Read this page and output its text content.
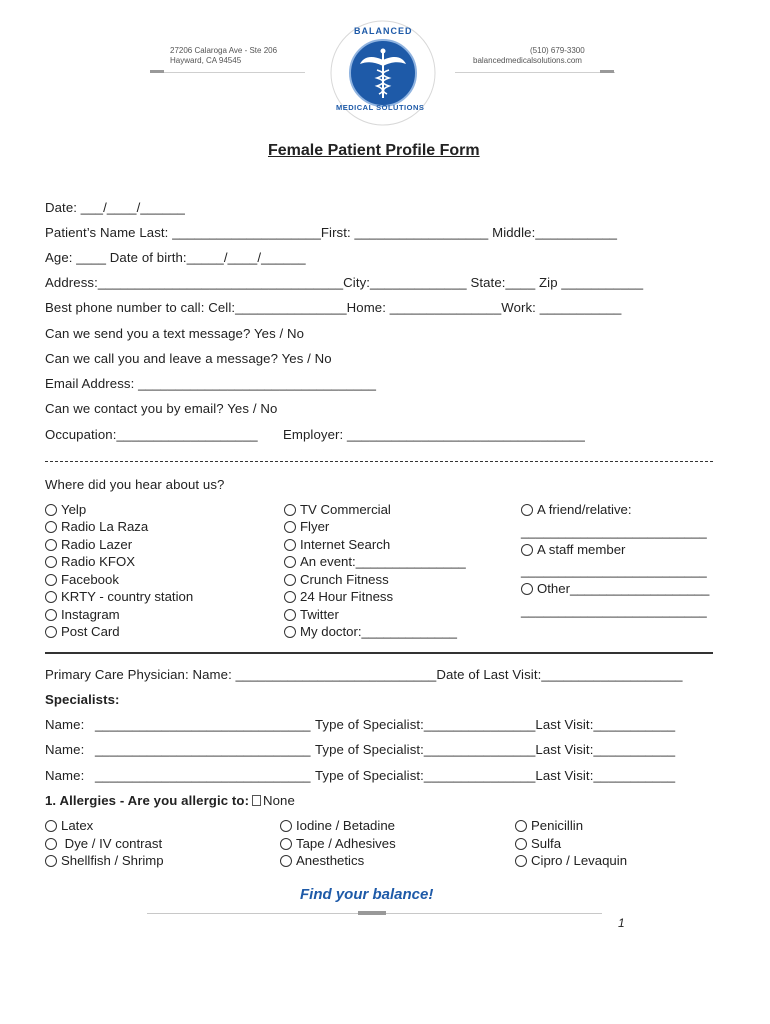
27206 Calaroga Ave - Ste 206
Hayward, CA 94545
(510) 679-3300
balancedmedicalsolutions.com
BALANCED
MEDICAL SOLUTIONS
Female Patient Profile Form
Date: ___/____/______
Patient’s Name Last: ____________________First: __________________ Middle:___________
Age: ____ Date of birth:_____/____/______
Address:_________________________________City:_____________ State:____ Zip ___________
Best phone number to call: Cell:_______________Home: _______________Work: ___________
Can we send you a text message? Yes / No
Can we call you and leave a message? Yes / No
Email Address: ________________________________
Can we contact you by email? Yes / No
Occupation:___________________ Employer: ________________________________
Where did you hear about us?
Yelp
Radio La Raza
Radio Lazer
Radio KFOX
Facebook
KRTY - country station
Instagram
Post Card
TV Commercial
Flyer
Internet Search
An event:_______________
Crunch Fitness
24 Hour Fitness
Twitter
My doctor:_____________
A friend/relative:
_________________________
A staff member
_________________________
Other___________________
_________________________
Primary Care Physician: Name: ___________________________Date of Last Visit:___________________
Specialists:
Name: _____________________________ Type of Specialist:_______________Last Visit:___________
Name: _____________________________ Type of Specialist:_______________Last Visit:___________
Name: _____________________________ Type of Specialist:_______________Last Visit:___________
1. Allergies - Are you allergic to: None
Latex
Dye / IV contrast
Shellfish / Shrimp
Iodine / Betadine
Tape / Adhesives
Anesthetics
Penicillin
Sulfa
Cipro / Levaquin
Find your balance!
1
